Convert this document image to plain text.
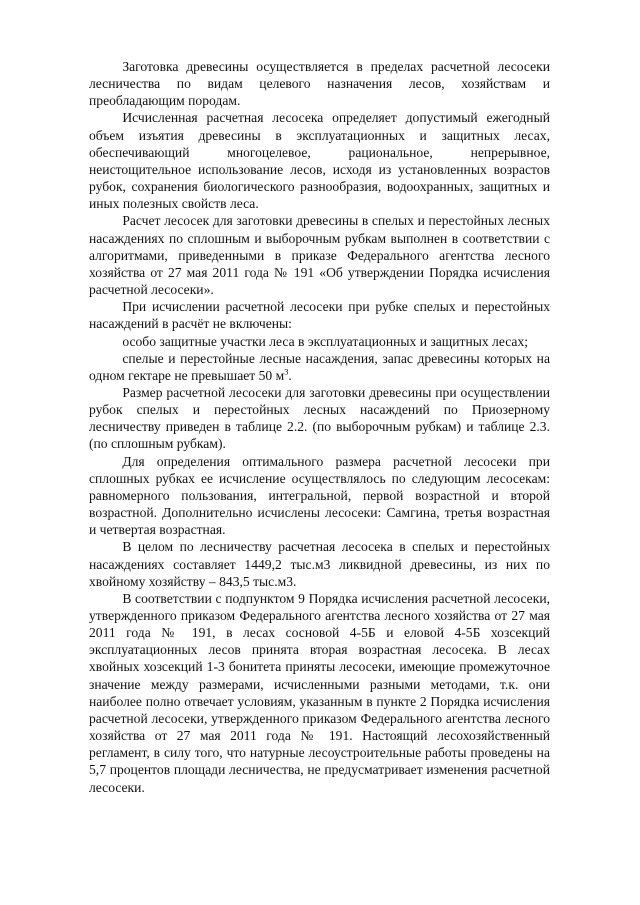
Заготовка древесины осуществляется в пределах расчетной лесосеки лесничества по видам целевого назначения лесов, хозяйствам и преобладающим породам.

Исчисленная расчетная лесосека определяет допустимый ежегодный объем изъятия древесины в эксплуатационных и защитных лесах, обеспечивающий многоцелевое, рациональное, непрерывное, неистощительное использование лесов, исходя из установленных возрастов рубок, сохранения биологического разнообразия, водоохранных, защитных и иных полезных свойств леса.

Расчет лесосек для заготовки древесины в спелых и перестойных лесных насаждениях по сплошным и выборочным рубкам выполнен в соответствии с алгоритмами, приведенными в приказе Федерального агентства лесного хозяйства от 27 мая 2011 года № 191 «Об утверждении Порядка исчисления расчетной лесосеки».

При исчислении расчетной лесосеки при рубке спелых и перестойных насаждений в расчёт не включены:

особо защитные участки леса в эксплуатационных и защитных лесах;

спелые и перестойные лесные насаждения, запас древесины которых на одном гектаре не превышает 50 $м^3$.

Размер расчетной лесосеки для заготовки древесины при осуществлении рубок спелых и перестойных лесных насаждений по Приозерному лесничеству приведен в таблице 2.2. (по выборочным рубкам) и таблице 2.3. (по сплошным рубкам).

Для определения оптимального размера расчетной лесосеки при сплошных рубках ее исчисление осуществлялось по следующим лесосекам: равномерного пользования, интегральной, первой возрастной и второй возрастной. Дополнительно исчислены лесосеки: Самгина, третья возрастная и четвертая возрастная.

В целом по лесничеству расчетная лесосека в спелых и перестойных насаждениях составляет 1449,2 тыс.м3 ликвидной древесины, из них по хвойному хозяйству – 843,5 тыс.м3.

В соответствии с подпунктом 9 Порядка исчисления расчетной лесосеки, утвержденного приказом Федерального агентства лесного хозяйства от 27 мая 2011 года № 191, в лесах сосновой 4-5Б и еловой 4-5Б хозсекций эксплуатационных лесов принята вторая возрастная лесосека. В лесах хвойных хозсекций 1-3 бонитета приняты лесосеки, имеющие промежуточное значение между размерами, исчисленными разными методами, т.к. они наиболее полно отвечает условиям, указанным в пункте 2 Порядка исчисления расчетной лесосеки, утвержденного приказом Федерального агентства лесного хозяйства от 27 мая 2011 года № 191. Настоящий лесохозяйственный регламент, в силу того, что натурные лесоустроительные работы проведены на 5,7 процентов площади лесничества, не предусматривает изменения расчетной лесосеки.
